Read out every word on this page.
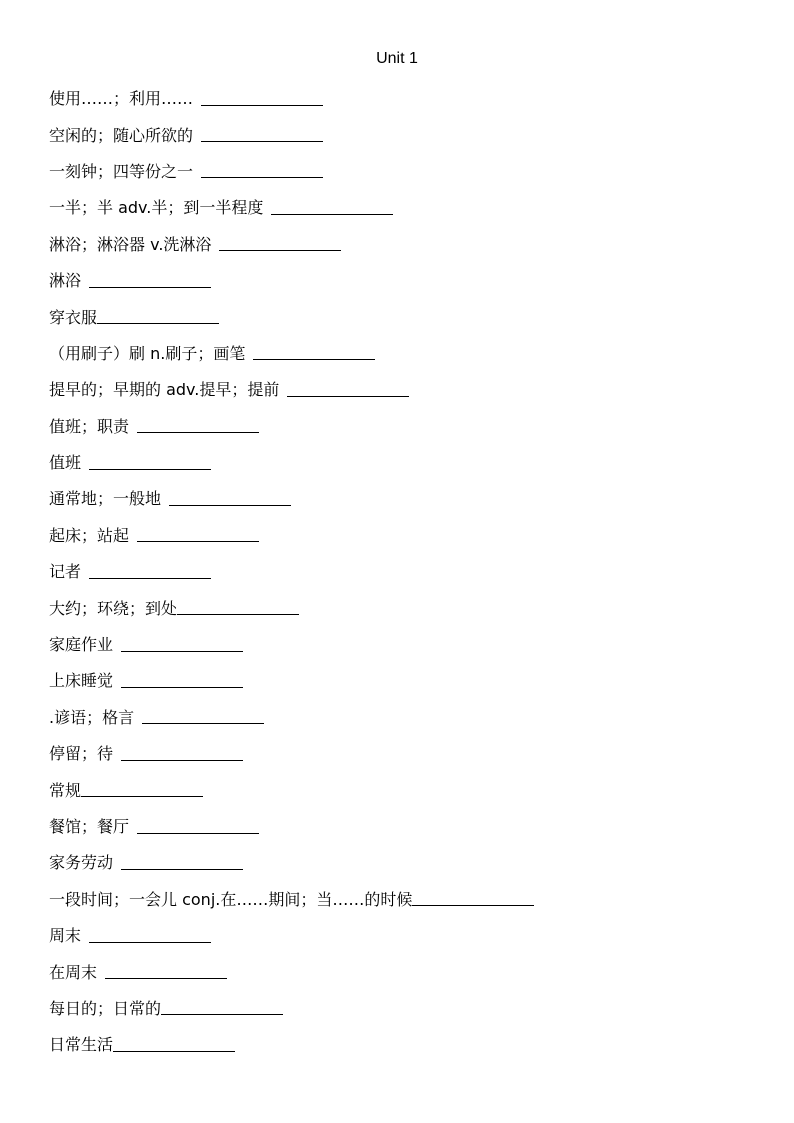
Unit 1
使用……；利用……
空闲的；随心所欲的
一刻钟；四等份之一
一半；半 adv.半；到一半程度
淋浴；淋浴器 v.洗淋浴
淋浴
穿衣服
（用刷子）刷 n.刷子；画笔
提早的；早期的 adv.提早；提前
值班；职责
值班
通常地；一般地
起床；站起
记者
大约；环绕；到处
家庭作业
上床睡觉
.谚语；格言
停留；待
常规
餐馆；餐厅
家务劳动
一段时间；一会儿 conj.在……期间；当……的时候
周末
在周末
每日的；日常的
日常生活
